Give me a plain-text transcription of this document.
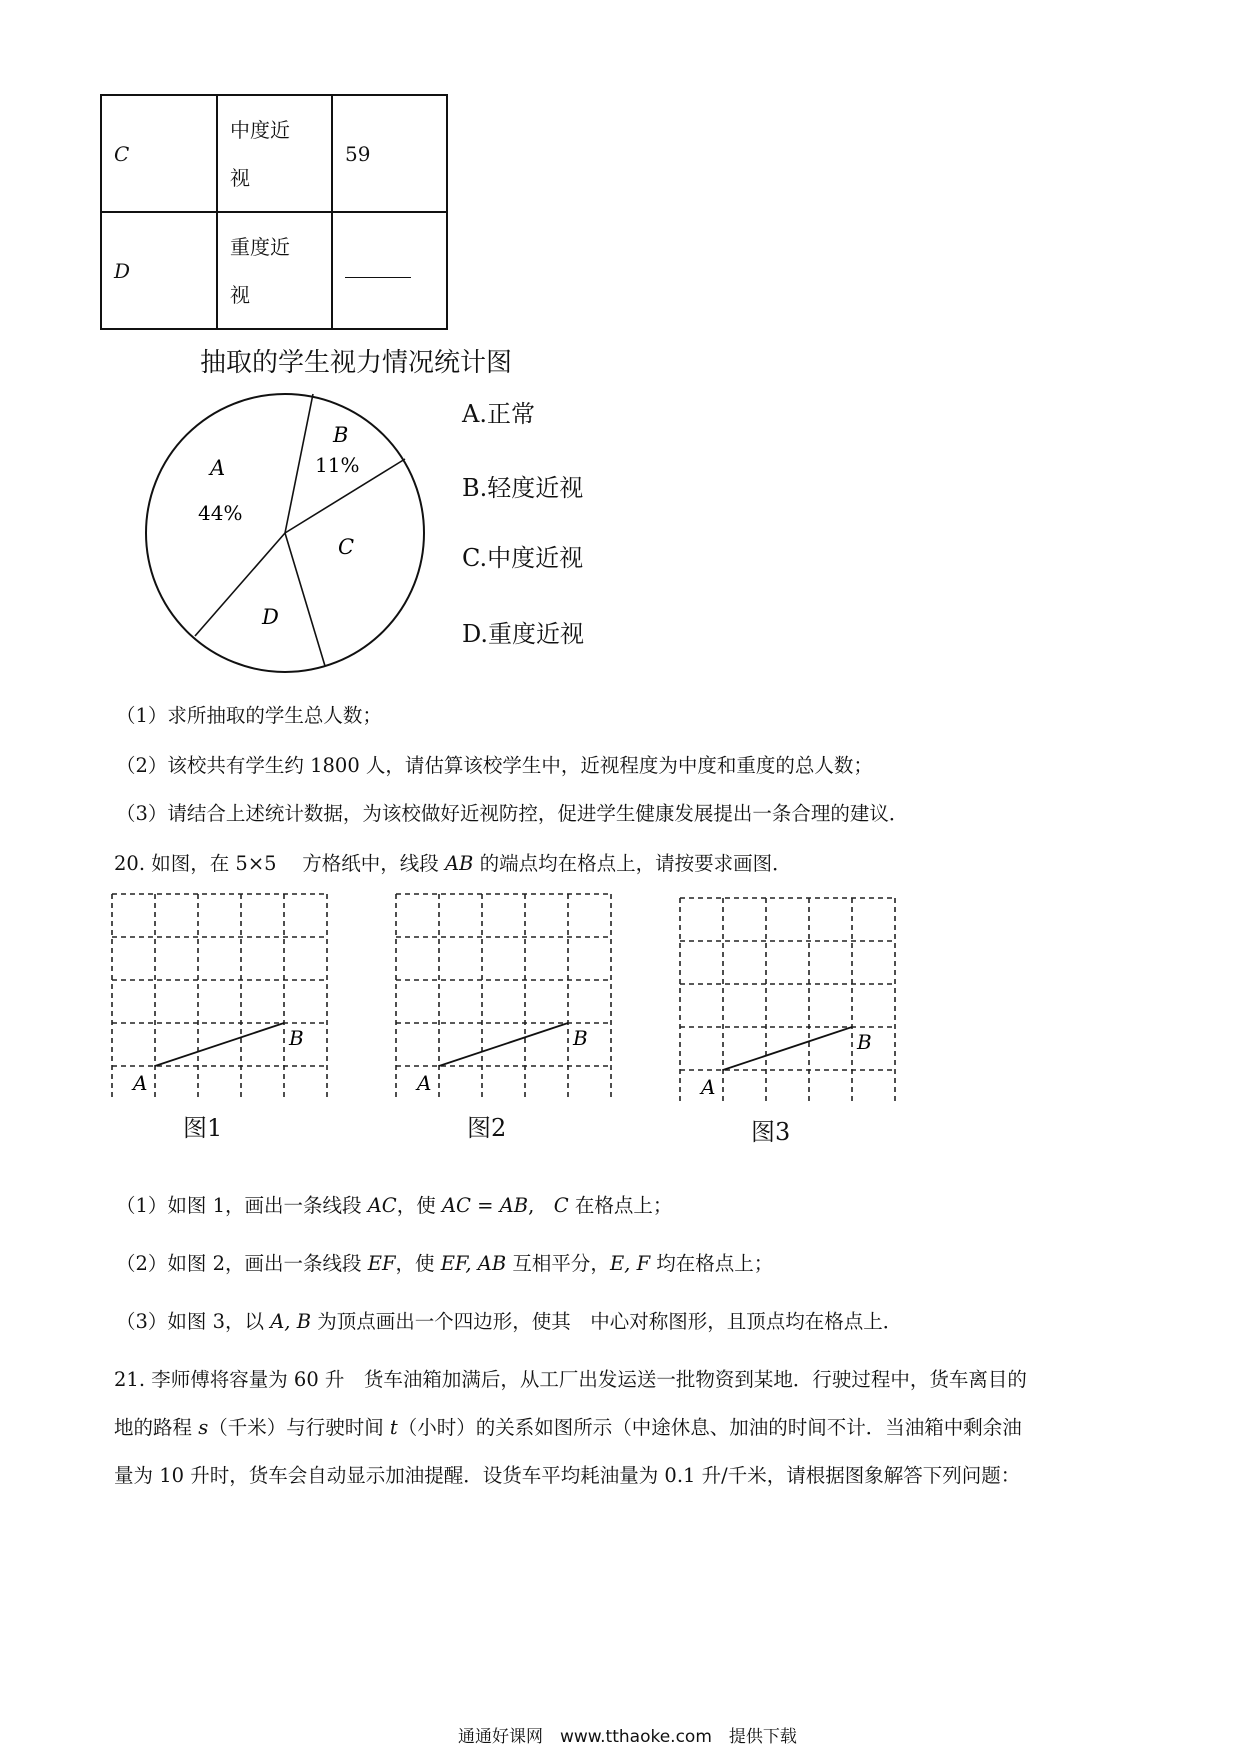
C	中度近
视	59
D	重度近
视	

抽取的学生视力情况统计图
A
44%
B
11%
C
D
A.正常
B.轻度近视
C.中度近视
D.重度近视
（1）求所抽取的学生总人数；
（2）该校共有学生约 1800 人，请估算该校学生中，近视程度为中度和重度的总人数；
（3）请结合上述统计数据，为该校做好近视防控，促进学生健康发展提出一条合理的建议．
20. 如图，在 5×5 　方格纸中，线段 AB 的端点均在格点上，请按要求画图．
A
B
A
B
A
B
图1	图2	图3
（1）如图 1，画出一条线段 AC，使 AC = AB,　C 在格点上；
（2）如图 2，画出一条线段 EF，使 EF, AB 互相平分，E, F 均在格点上；
（3）如图 3，以 A, B 为顶点画出一个四边形，使其　中心对称图形，且顶点均在格点上．
21. 李师傅将容量为 60 升　货车油箱加满后，从工厂出发运送一批物资到某地．行驶过程中，货车离目的
地的路程 s（千米）与行驶时间 t（小时）的关系如图所示（中途休息、加油的时间不计．当油箱中剩余油
量为 10 升时，货车会自动显示加油提醒．设货车平均耗油量为 0.1 升/千米，请根据图象解答下列问题：
通通好课网　www.tthaoke.com　提供下载
